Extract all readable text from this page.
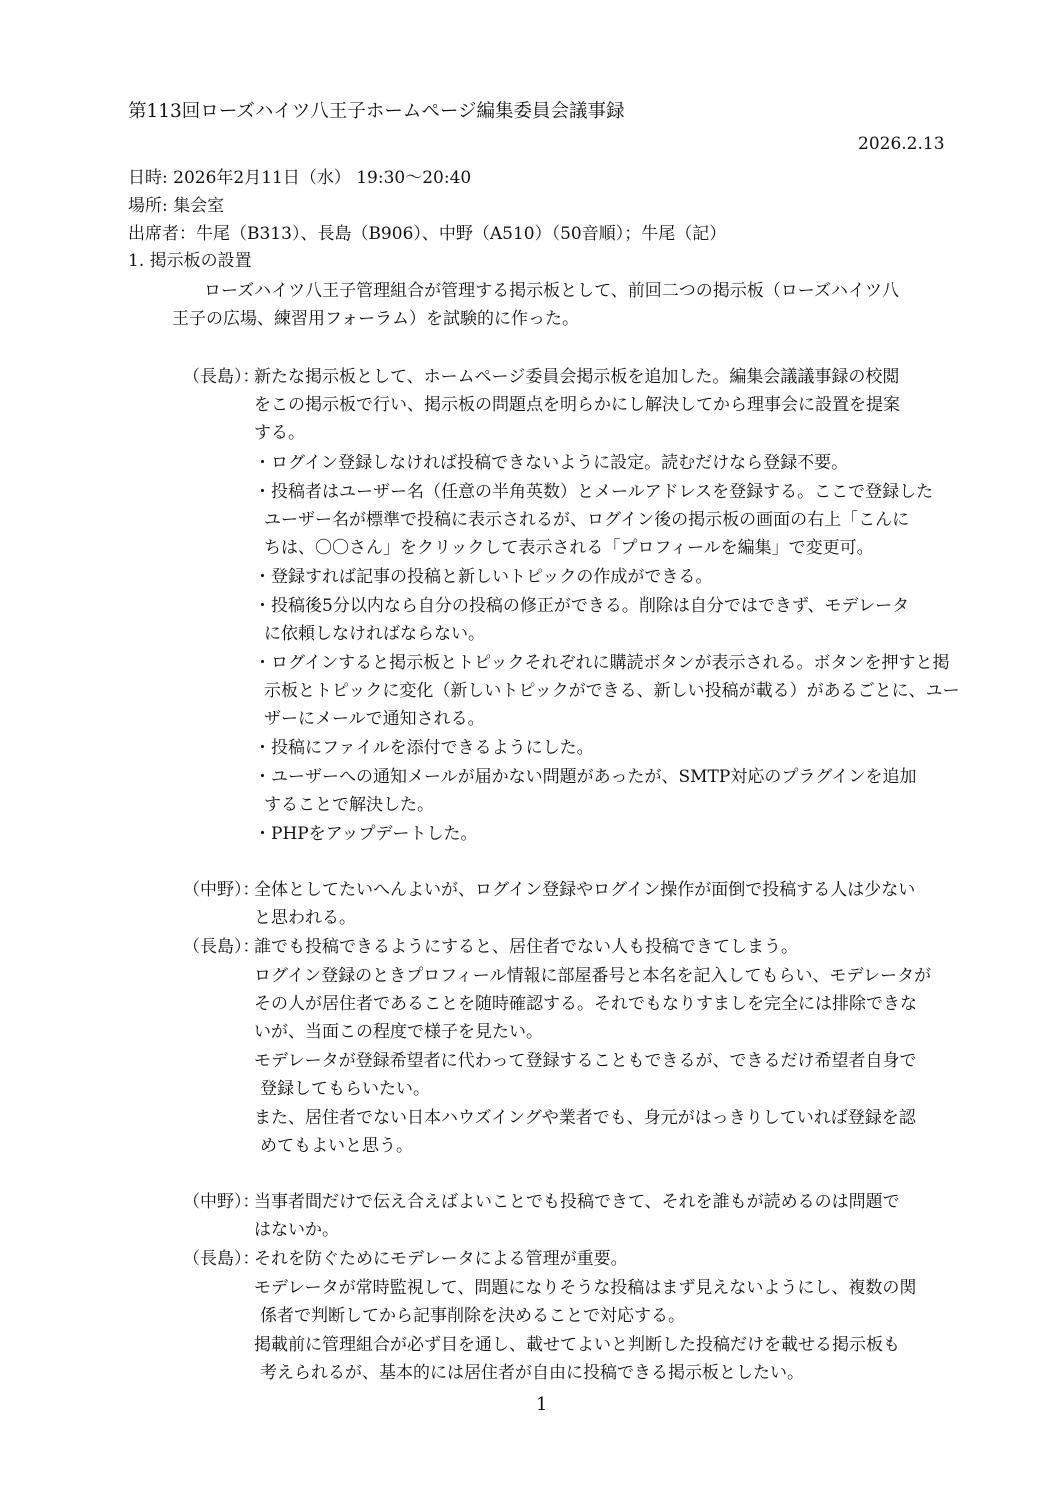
第113回ローズハイツ八王子ホームページ編集委員会議事録
2026.2.13
日時: 2026年2月11日（水） 19:30〜20:40
場所: 集会室
出席者：牛尾（B313）、長島（B906）、中野（A510）（50音順）；牛尾（記）
1. 掲示板の設置
ローズハイツ八王子管理組合が管理する掲示板として、前回二つの掲示板（ローズハイツ八
王子の広場、練習用フォーラム）を試験的に作った。
（長島）：
新たな掲示板として、ホームページ委員会掲示板を追加した。編集会議議事録の校閲
をこの掲示板で行い、掲示板の問題点を明らかにし解決してから理事会に設置を提案
する。
・ログイン登録しなければ投稿できないように設定。読むだけなら登録不要。
・投稿者はユーザー名（任意の半角英数）とメールアドレスを登録する。ここで登録した
ユーザー名が標準で投稿に表示されるが、ログイン後の掲示板の画面の右上「こんに
ちは、〇〇さん」をクリックして表示される「プロフィールを編集」で変更可。
・登録すれば記事の投稿と新しいトピックの作成ができる。
・投稿後5分以内なら自分の投稿の修正ができる。削除は自分ではできず、モデレータ
に依頼しなければならない。
・ログインすると掲示板とトピックそれぞれに購読ボタンが表示される。ボタンを押すと掲
示板とトピックに変化（新しいトピックができる、新しい投稿が載る）があるごとに、ユー
ザーにメールで通知される。
・投稿にファイルを添付できるようにした。
・ユーザーへの通知メールが届かない問題があったが、SMTP対応のプラグインを追加
することで解決した。
・PHPをアップデートした。
（中野）：
全体としてたいへんよいが、ログイン登録やログイン操作が面倒で投稿する人は少ない
と思われる。
（長島）：
誰でも投稿できるようにすると、居住者でない人も投稿できてしまう。
ログイン登録のときプロフィール情報に部屋番号と本名を記入してもらい、モデレータが
その人が居住者であることを随時確認する。それでもなりすましを完全には排除できな
いが、当面この程度で様子を見たい。
モデレータが登録希望者に代わって登録することもできるが、できるだけ希望者自身で
登録してもらいたい。
また、居住者でない日本ハウズイングや業者でも、身元がはっきりしていれば登録を認
めてもよいと思う。
（中野）：
当事者間だけで伝え合えばよいことでも投稿できて、それを誰もが読めるのは問題で
はないか。
（長島）：
それを防ぐためにモデレータによる管理が重要。
モデレータが常時監視して、問題になりそうな投稿はまず見えないようにし、複数の関
係者で判断してから記事削除を決めることで対応する。
掲載前に管理組合が必ず目を通し、載せてよいと判断した投稿だけを載せる掲示板も
考えられるが、基本的には居住者が自由に投稿できる掲示板としたい。
1
